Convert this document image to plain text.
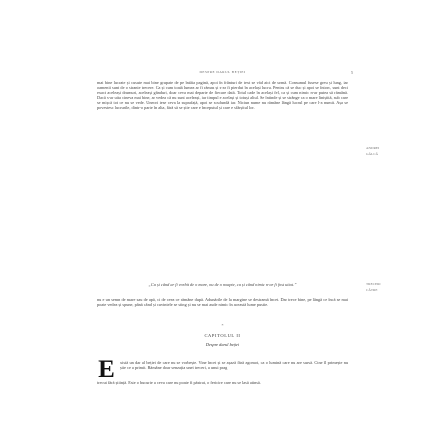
DESPRE DARUL BEȚIEI	5

mai bine lucrate și cusute mai bine grupate de pe întâia pagină, apoi în frânturi de text se văd aici de urmă. Consumul fusese greu și lung, iar oamenii sunt de o stranie trecere. Ca și cum toată lumea ar fi rămas și s-ar fi pierdut în același lucru. Pentru că se duc și apoi se întorc, sunt deci exact aceleași drumuri, aceleași gânduri, doar ceva mai departe de fiecare dată. Totul cade în același fel, ca și cum nimic n-ar putea să rămână. Dacă s-ar uita cineva mai bine, ar vedea că nu sunt aceleași, iar timpul e același și totuși altul. Se întinde și se strânge ca o mare liniștită, sub care se mișcă tot ce nu se vede. Uneori iese ceva la suprafață, apoi se scufundă iar. Niciun nume nu rămâne lângă lucrul pe care l-a numit. Așa se povestesc lucrurile, dintr-o parte în alta, fără să se știe care e începutul și care e sfârșitul lor.

„Ca și când ar fi vorbit de o mare, nu de o noapte, ca și când nimic n-ar fi fost uitat.”

nu e un semn de mare sau de apă, ci de ceea ce rămâne după. Adunările de la margine se destramă încet. Dar trece bine, pe lângă ce încă se mai poate vedea și spune, până când și cuvintele se sting și nu se mai aude nimic în această lume pustie.

*
CAPITOLUL II
Despre darul beției
E xistă un dar al beției de care nu se vorbește. Vine încet și se așază fără zgomot, ca o lumină care nu are sursă. Cine îl primește nu știe ce a primit. Rămâne doar senzația unei treceri, a unui prag

trecut fără știință. Este o bucurie a ceva care nu poate fi păstrat, o fericire care nu se lasă atinsă.

ANDREI
GÂLCĂ
TRECERI
CĂTRE
